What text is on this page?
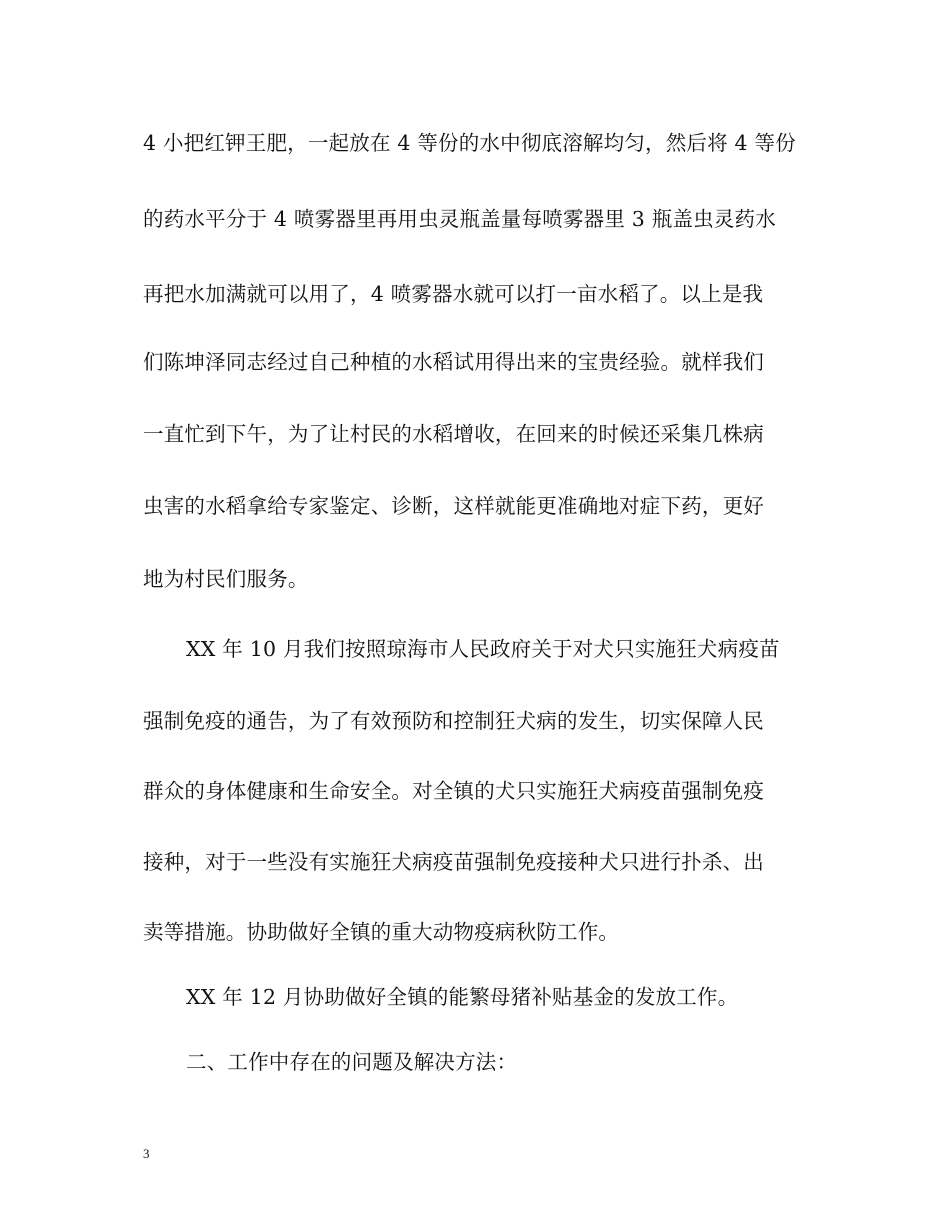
4 小把红钾王肥，一起放在 4 等份的水中彻底溶解均匀，然后将 4 等份
的药水平分于 4 喷雾器里再用虫灵瓶盖量每喷雾器里 3 瓶盖虫灵药水
再把水加满就可以用了，4 喷雾器水就可以打一亩水稻了。以上是我
们陈坤泽同志经过自己种植的水稻试用得出来的宝贵经验。就样我们
一直忙到下午，为了让村民的水稻增收，在回来的时候还采集几株病
虫害的水稻拿给专家鉴定、诊断，这样就能更准确地对症下药，更好
地为村民们服务。
XX 年 10 月我们按照琼海市人民政府关于对犬只实施狂犬病疫苗
强制免疫的通告，为了有效预防和控制狂犬病的发生，切实保障人民
群众的身体健康和生命安全。对全镇的犬只实施狂犬病疫苗强制免疫
接种，对于一些没有实施狂犬病疫苗强制免疫接种犬只进行扑杀、出
卖等措施。协助做好全镇的重大动物疫病秋防工作。
XX 年 12 月协助做好全镇的能繁母猪补贴基金的发放工作。
二、工作中存在的问题及解决方法：
3
